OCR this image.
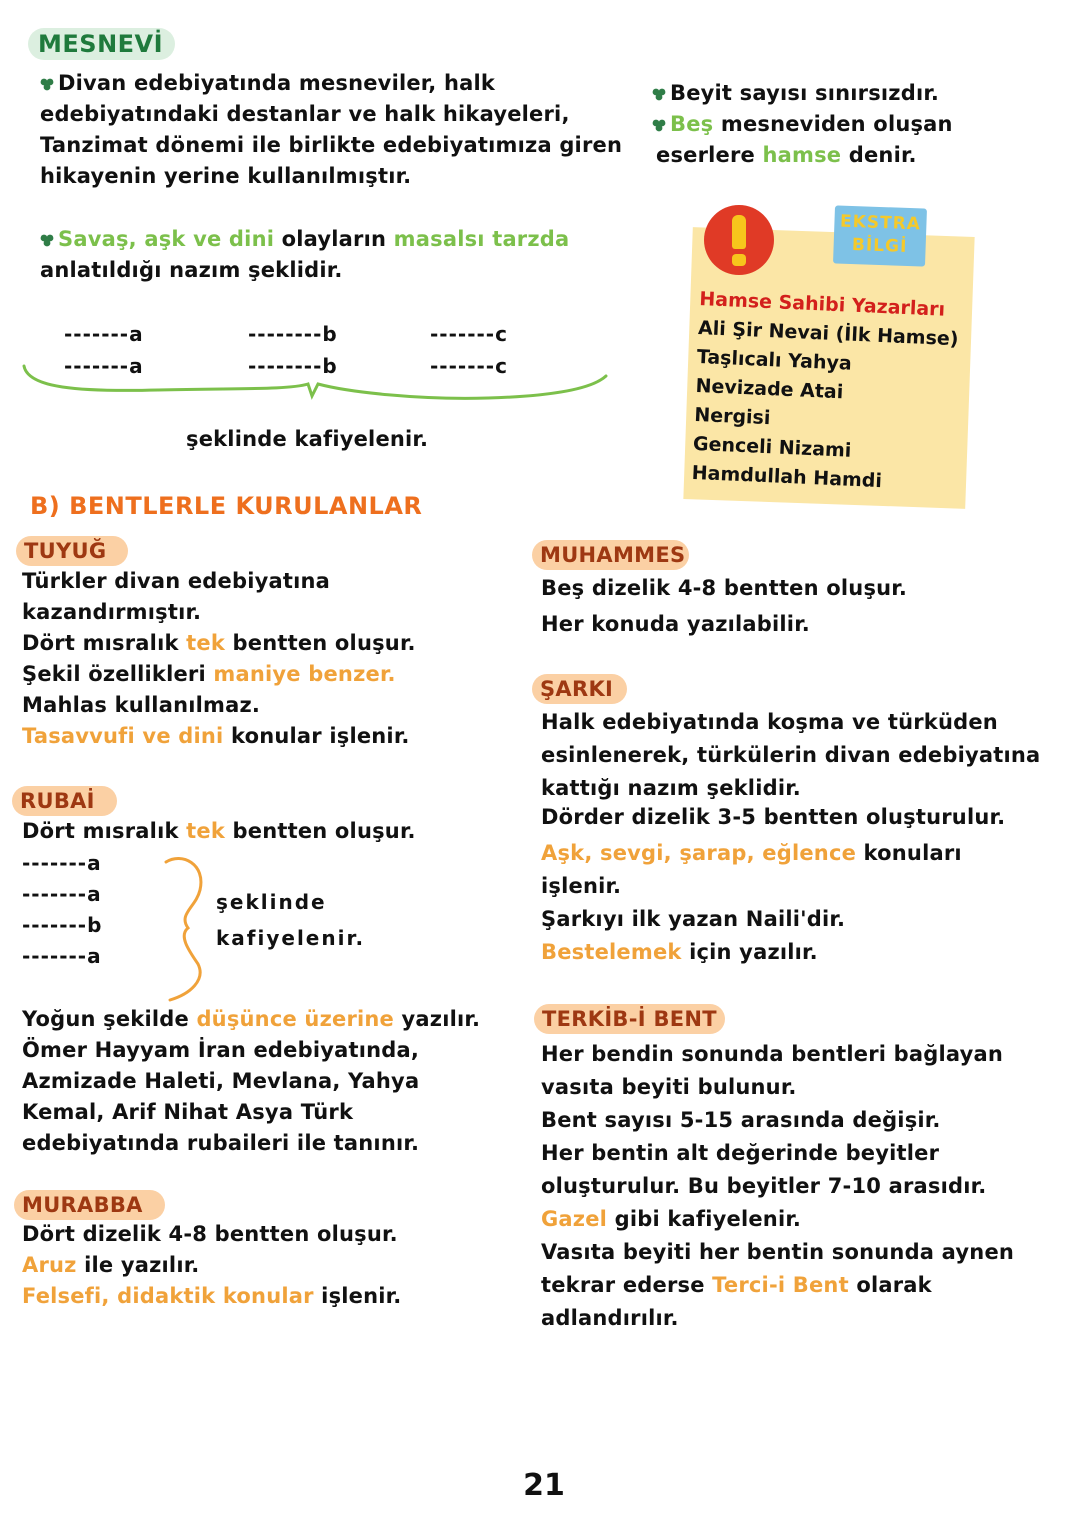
MESNEVİ
Divan edebiyatında mesneviler, halk
edebiyatındaki destanlar ve halk hikayeleri,
Tanzimat dönemi ile birlikte edebiyatımıza giren
hikayenin yerine kullanılmıştır.
Beyit sayısı sınırsızdır.
Beş mesneviden oluşan
eserlere hamse denir.
Savaş, aşk ve dini olayların masalsı tarzda
anlatıldığı nazım şeklidir.
-------a
-------a
--------b
--------b
-------c
-------c
şeklinde kafiyelenir.
EKSTRA
BİLGİ
Hamse Sahibi Yazarları
Ali Şir Nevai (İlk Hamse)
Taşlıcalı Yahya
Nevizade Atai
Nergisi
Genceli Nizami
Hamdullah Hamdi
B) BENTLERLE KURULANLAR
TUYUĞ
Türkler divan edebiyatına
kazandırmıştır.
Dört mısralık tek bentten oluşur.
Şekil özellikleri maniye benzer.
Mahlas kullanılmaz.
Tasavvufi ve dini konular işlenir.
RUBAİ
Dört mısralık tek bentten oluşur.
-------a
-------a
-------b
-------a
şeklinde
kafiyelenir.
Yoğun şekilde düşünce üzerine yazılır.
Ömer Hayyam İran edebiyatında,
Azmizade Haleti, Mevlana, Yahya
Kemal, Arif Nihat Asya Türk
edebiyatında rubaileri ile tanınır.
MURABBA
Dört dizelik 4-8 bentten oluşur.
Aruz ile yazılır.
Felsefi, didaktik konular işlenir.
MUHAMMES
Beş dizelik 4-8 bentten oluşur.
Her konuda yazılabilir.
ŞARKI
Halk edebiyatında koşma ve türküden
esinlenerek, türkülerin divan edebiyatına
kattığı nazım şeklidir.
Dörder dizelik 3-5 bentten oluşturulur.
Aşk, sevgi, şarap, eğlence konuları
işlenir.
Şarkıyı ilk yazan Naili'dir.
Bestelemek için yazılır.
TERKİB-İ BENT
Her bendin sonunda bentleri bağlayan
vasıta beyiti bulunur.
Bent sayısı 5-15 arasında değişir.
Her bentin alt değerinde beyitler
oluşturulur. Bu beyitler 7-10 arasıdır.
Gazel gibi kafiyelenir.
Vasıta beyiti her bentin sonunda aynen
tekrar ederse Terci-i Bent olarak
adlandırılır.
21
